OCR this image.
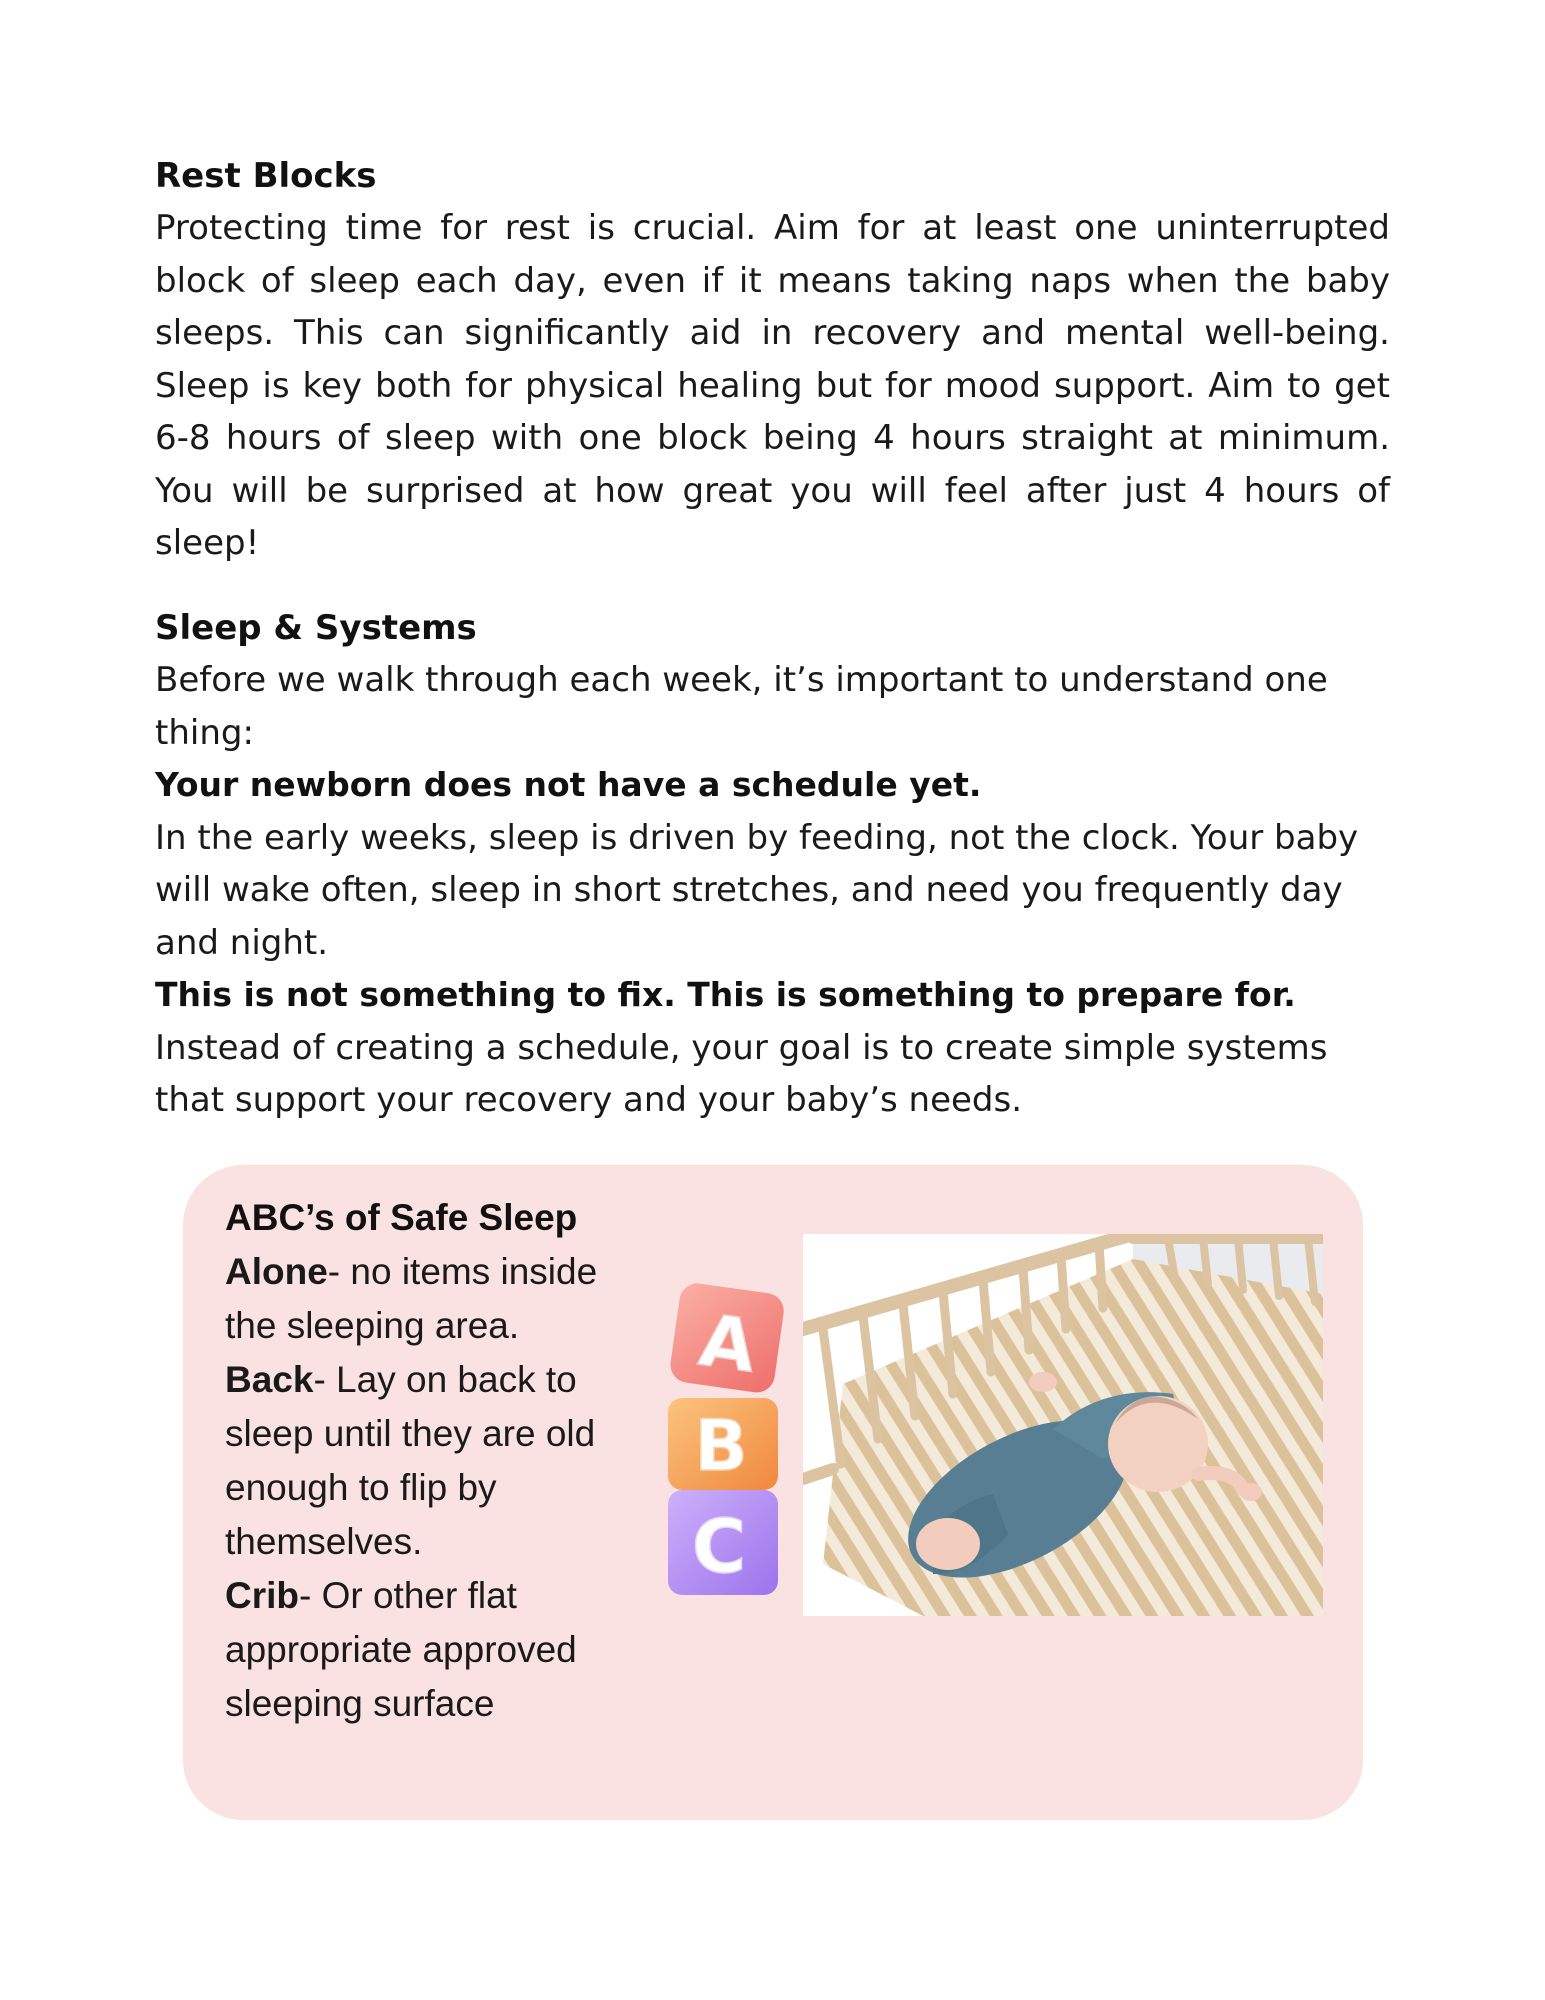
Rest Blocks

Protecting time for rest is crucial. Aim for at least one uninterrupted block of sleep each day, even if it means taking naps when the baby sleeps. This can significantly aid in recovery and mental well-being. Sleep is key both for physical healing but for mood support. Aim to get 6-8 hours of sleep with one block being 4 hours straight at minimum. You will be surprised at how great you will feel after just 4 hours of sleep!

Sleep & Systems

Before we walk through each week, it’s important to understand one thing:

Your newborn does not have a schedule yet.

In the early weeks, sleep is driven by feeding, not the clock. Your baby will wake often, sleep in short stretches, and need you frequently day and night.

This is not something to fix. This is something to prepare for.

Instead of creating a schedule, your goal is to create simple systems that support your recovery and your baby’s needs.

ABC’s of Safe Sleep

Alone- no items inside the sleeping area.

Back- Lay on back to sleep until they are old enough to flip by themselves.

Crib- Or other flat appropriate approved sleeping surface

A
B
C
